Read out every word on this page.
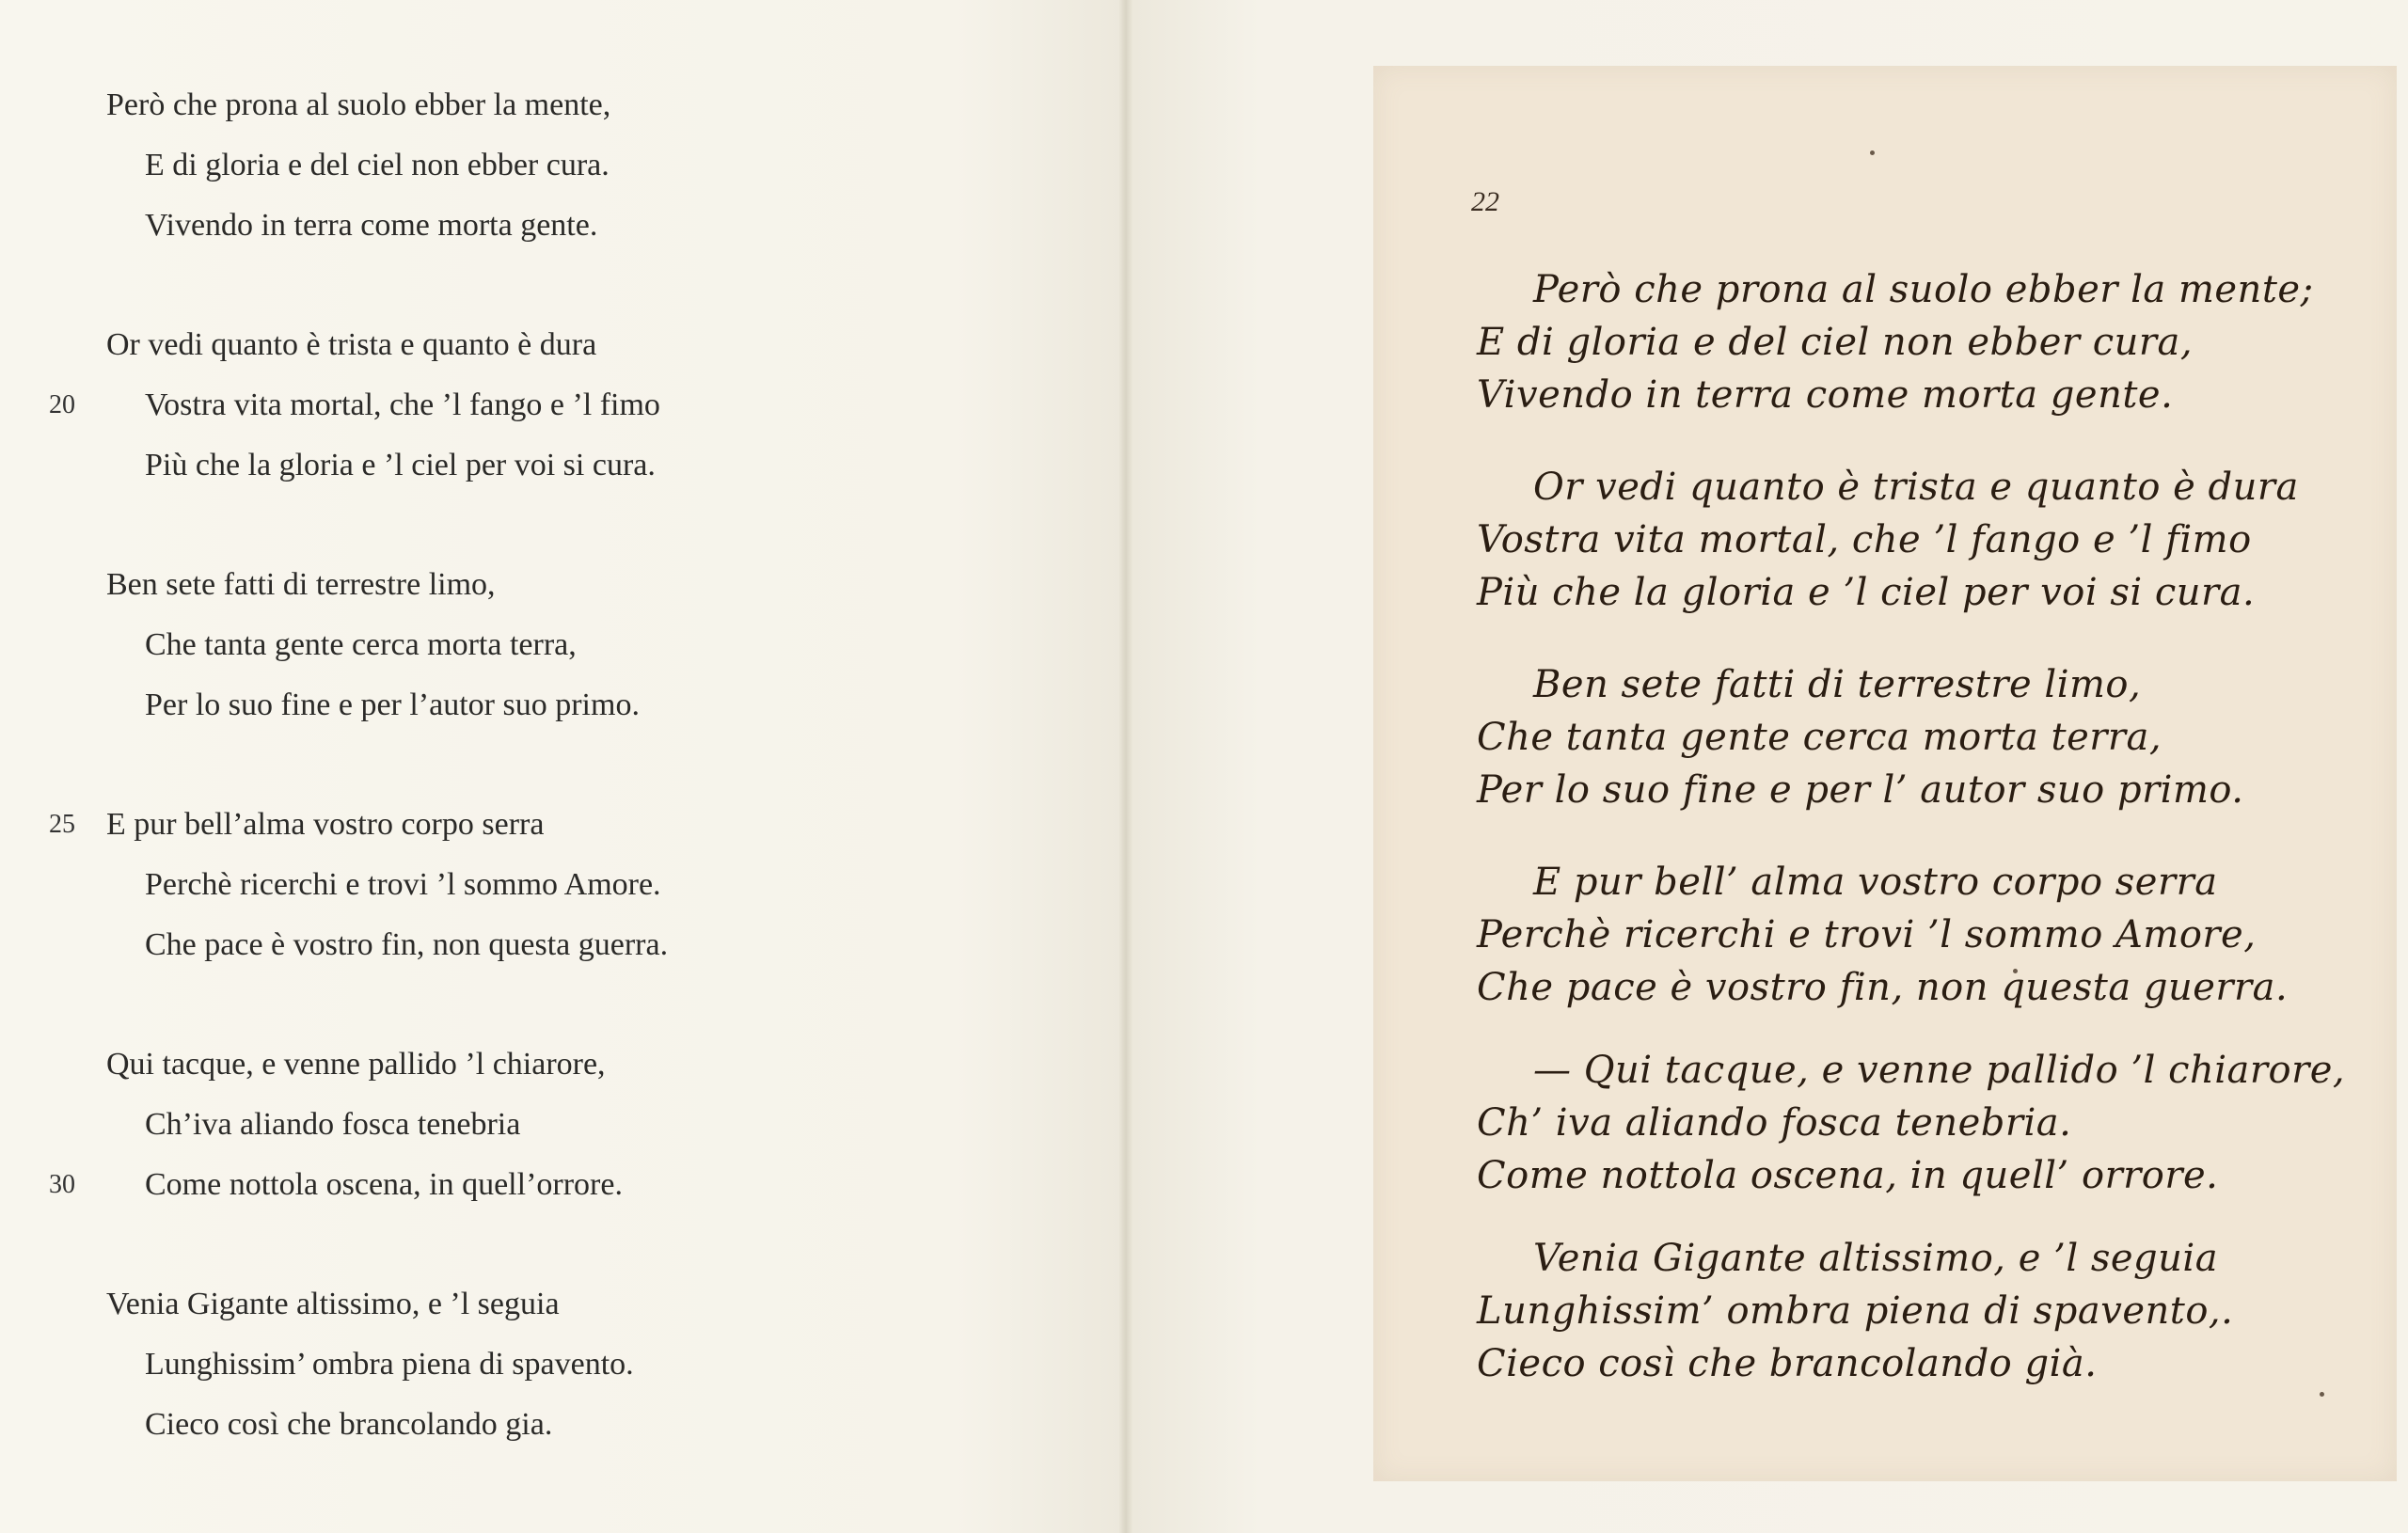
Però che prona al suolo ebber la mente,
E di gloria e del ciel non ebber cura.
Vivendo in terra come morta gente.
Or vedi quanto è trista e quanto è dura
20	Vostra vita mortal, che ’l fango e ’l fimo
Più che la gloria e ’l ciel per voi si cura.
Ben sete fatti di terrestre limo,
Che tanta gente cerca morta terra,
Per lo suo fine e per l’autor suo primo.
25 E pur bell’alma vostro corpo serra
Perchè ricerchi e trovi ’l sommo Amore.
Che pace è vostro fin, non questa guerra.
Qui tacque, e venne pallido ’l chiarore,
Ch’iva aliando fosca tenebria
30	Come nottola oscena, in quell’orrore.
Venia Gigante altissimo, e ’l seguia
Lunghissim’ ombra piena di spavento.
Cieco così che brancolando gia.
22
Però che prona al suolo ebber la mente;
E di gloria e del ciel non ebber cura,
Vivendo in terra come morta gente.
Or vedi quanto è trista e quanto è dura
Vostra vita mortal, che ’l fango e ’l fimo
Più che la gloria e ’l ciel per voi si cura.
Ben sete fatti di terrestre limo,
Che tanta gente cerca morta terra,
Per lo suo fine e per l’ autor suo primo.
E pur bell’ alma vostro corpo serra
Perchè ricerchi e trovi ’l sommo Amore,
Che pace è vostro fin, non questa guerra.
— Qui tacque, e venne pallido ’l chiarore,
Ch’ iva aliando fosca tenebria.
Come nottola oscena, in quell’ orrore.
Venia Gigante altissimo, e ’l seguia
Lunghissim’ ombra piena di spavento,.
Cieco così che brancolando già.
